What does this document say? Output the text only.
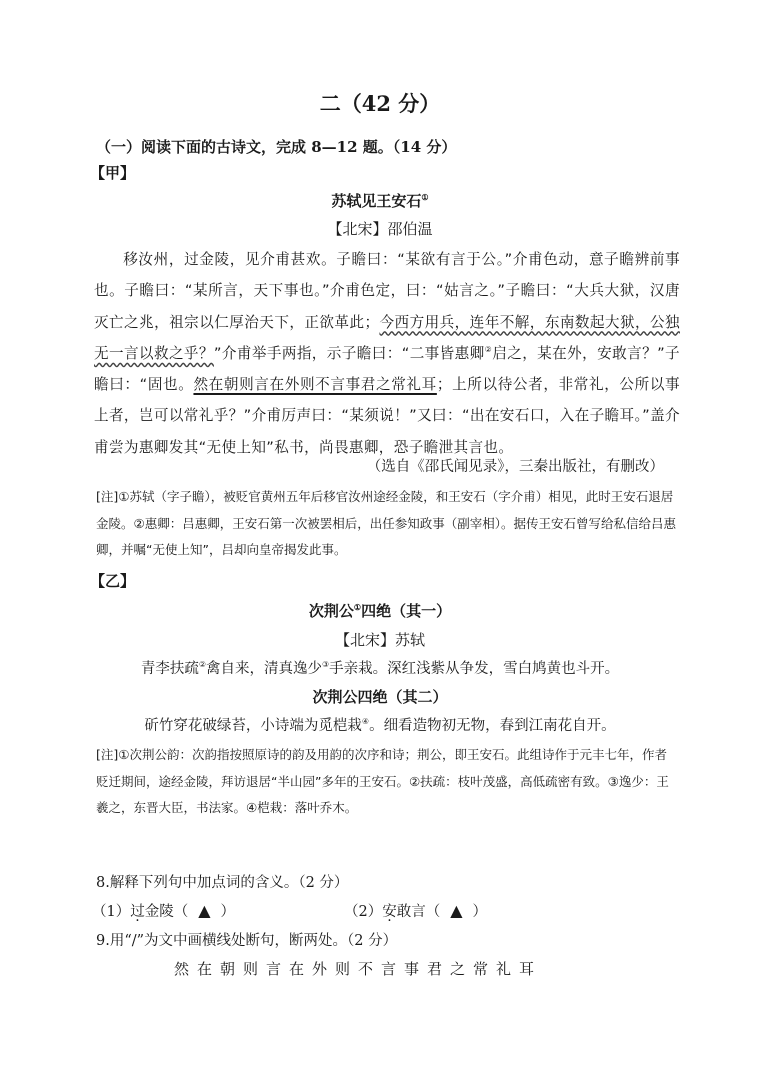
二（42 分）
（一）阅读下面的古诗文，完成 8—12 题。（14 分）
【甲】
苏轼见王安石①
【北宋】邵伯温

移汝州，过金陵，见介甫甚欢。子瞻曰：“某欲有言于公。”介甫色动，意子瞻辨前事也。子瞻曰：“某所言，天下事也。”介甫色定，曰：“姑言之。”子瞻曰：“大兵大狱，汉唐灭亡之兆，祖宗以仁厚治天下，正欲革此；今西方用兵，连年不解，东南数起大狱，公独无一言以救之乎？”介甫举手两指，示子瞻曰：“二事皆惠卿②启之，某在外，安敢言？”子瞻曰：“固也。然在朝则言在外则不言事君之常礼耳；上所以待公者，非常礼，公所以事上者，岂可以常礼乎？”介甫厉声曰：“某须说！”又曰：“出在安石口，入在子瞻耳。”盖介甫尝为惠卿发其“无使上知”私书，尚畏惠卿，恐子瞻泄其言也。

（选自《邵氏闻见录》，三秦出版社，有删改）
[注]①苏轼（字子瞻），被贬官黄州五年后移官汝州途经金陵，和王安石（字介甫）相见，此时王安石退居金陵。②惠卿：吕惠卿，王安石第一次被罢相后，出任参知政事（副宰相）。据传王安石曾写给私信给吕惠卿，并嘱“无使上知”，吕却向皇帝揭发此事。
【乙】
次荆公①四绝（其一）
【北宋】苏轼
青李扶疏②禽自来，清真逸少③手亲栽。深红浅紫从争发，雪白鸠黄也斗开。
次荆公四绝（其二）
斫竹穿花破绿苔，小诗端为觅桤栽④。细看造物初无物，春到江南花自开。
[注]①次荆公韵：次韵指按照原诗的韵及用韵的次序和诗；荆公，即王安石。此组诗作于元丰七年，作者贬迁期间，途经金陵，拜访退居“半山园”多年的王安石。②扶疏：枝叶茂盛，高低疏密有致。③逸少：王羲之，东晋大臣，书法家。④桤栽：落叶乔木。
8.解释下列句中加点词的含义。（2 分）
（1）过金陵（ ▲ ）	（2）安敢言（ ▲ ）
9.用“/”为文中画横线处断句，断两处。（2 分）
然在朝则言在外则不言事君之常礼耳
